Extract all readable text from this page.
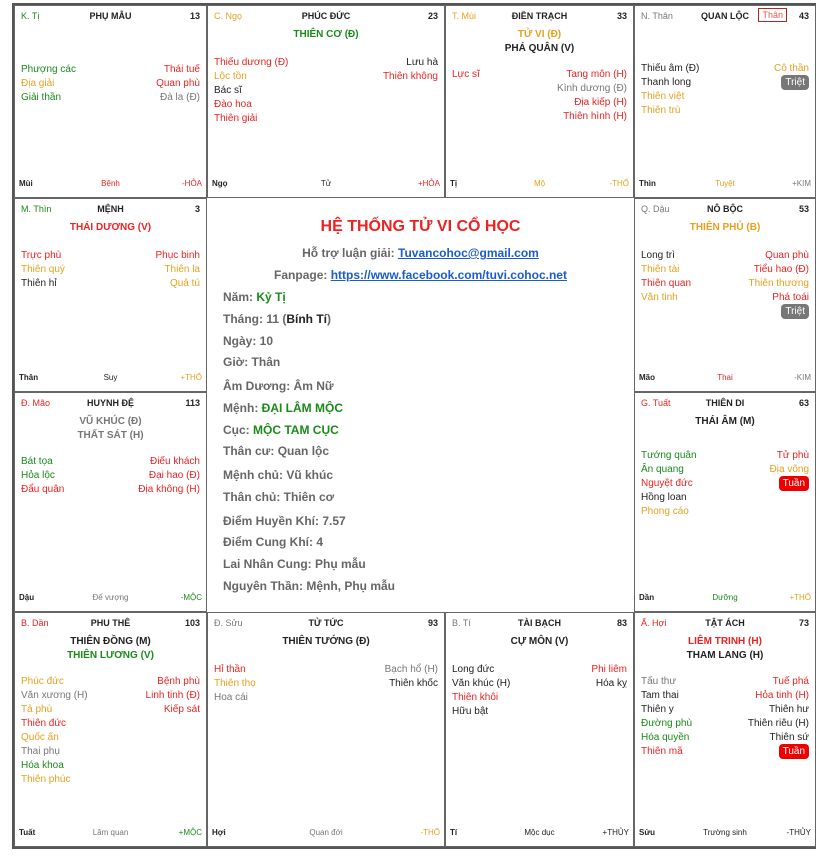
K. Tị	PHỤ MẪU	13
Phượng các	Thái tuế
Địa giải	Quan phù
Giải thần	Đà la (Đ)
Mùi	Bệnh	-HỎA
C. Ngọ	PHÚC ĐỨC	23
THIÊN CƠ (Đ)
Thiếu dương (Đ)	Lưu hà
Lộc tồn	Thiên không
Bác sĩ
Đào hoa
Thiên giải
Ngọ	Tử	+HỎA
T. Mùi	ĐIỀN TRẠCH	33
TỬ VI (Đ)
PHÁ QUÂN (V)
Lực sĩ	Tang môn (H)
Kình dương (Đ)
Địa kiếp (H)
Thiên hình (H)
Tị	Mộ	-THỔ
N. Thân	QUAN LỘC	43
Thân
Thiếu âm (Đ)	Cô thần
Thanh long	Triệt
Thiên việt
Thiên trù
Thìn	Tuyệt	+KIM
M. Thìn	MỆNH	3
THÁI DƯƠNG (V)
Trực phù	Phục binh
Thiên quý	Thiên la
Thiên hỉ	Quả tú
Thân	Suy	+THỔ
Q. Dậu	NÔ BỘC	53
THIÊN PHỦ (B)
Long trì	Quan phù
Thiên tài	Tiểu hao (Đ)
Thiên quan	Thiên thương
Văn tinh	Phá toái
Triệt
Mão	Thai	-KIM
Đ. Mão	HUYNH ĐỆ	113
VŨ KHÚC (Đ)
THẤT SÁT (H)
Bát tọa	Điếu khách
Hỏa lộc	Đại hao (Đ)
Đẩu quân	Địa không (H)
Dậu	Đế vượng	-MỘC
G. Tuất	THIÊN DI	63
THÁI ÂM (M)
Tướng quân	Tử phù
Ân quang	Địa võng
Nguyệt đức	Tuần
Hồng loan
Phong cáo
Dần	Dưỡng	+THỔ
B. Dần	PHU THÊ	103
THIÊN ĐỒNG (M)
THIÊN LƯƠNG (V)
Phúc đức	Bệnh phù
Văn xương (H)	Linh tinh (Đ)
Tả phù	Kiếp sát
Thiên đức
Quốc ấn
Thai phụ
Hóa khoa
Thiên phúc
Tuất	Lâm quan	+MỘC
Đ. Sửu	TỬ TỨC	93
THIÊN TƯỚNG (Đ)
Hỉ thần	Bạch hổ (H)
Thiên thọ	Thiên khốc
Hoa cái
Hợi	Quan đới	-THỔ
B. Tí	TÀI BẠCH	83
CỰ MÔN (V)
Long đức	Phi liêm
Văn khúc (H)	Hóa kỵ
Thiên khôi
Hữu bật
Tí	Mộc dục	+THỦY
Ấ. Hợi	TẬT ÁCH	73
LIÊM TRINH (H)
THAM LANG (H)
Tấu thư	Tuế phá
Tam thai	Hỏa tinh (H)
Thiên y	Thiên hư
Đường phù	Thiên riêu (H)
Hóa quyền	Thiên sứ
Thiên mã	Tuần
Sửu	Trường sinh	-THỦY
HỆ THỐNG TỬ VI CỔ HỌC
Hỗ trợ luận giải: Tuvancohoc@gmail.com
Fanpage: https://www.facebook.com/tuvi.cohoc.net
Năm: Kỷ Tị
Tháng: 11 (Bính Tí)
Ngày: 10
Giờ: Thân
Âm Dương: Âm Nữ
Mệnh: ĐẠI LÂM MỘC
Cục: MỘC TAM CỤC
Thân cư: Quan lộc
Mệnh chủ: Vũ khúc
Thân chủ: Thiên cơ
Điểm Huyền Khí: 7.57
Điểm Cung Khí: 4
Lai Nhân Cung: Phụ mẫu
Nguyên Thần: Mệnh, Phụ mẫu
